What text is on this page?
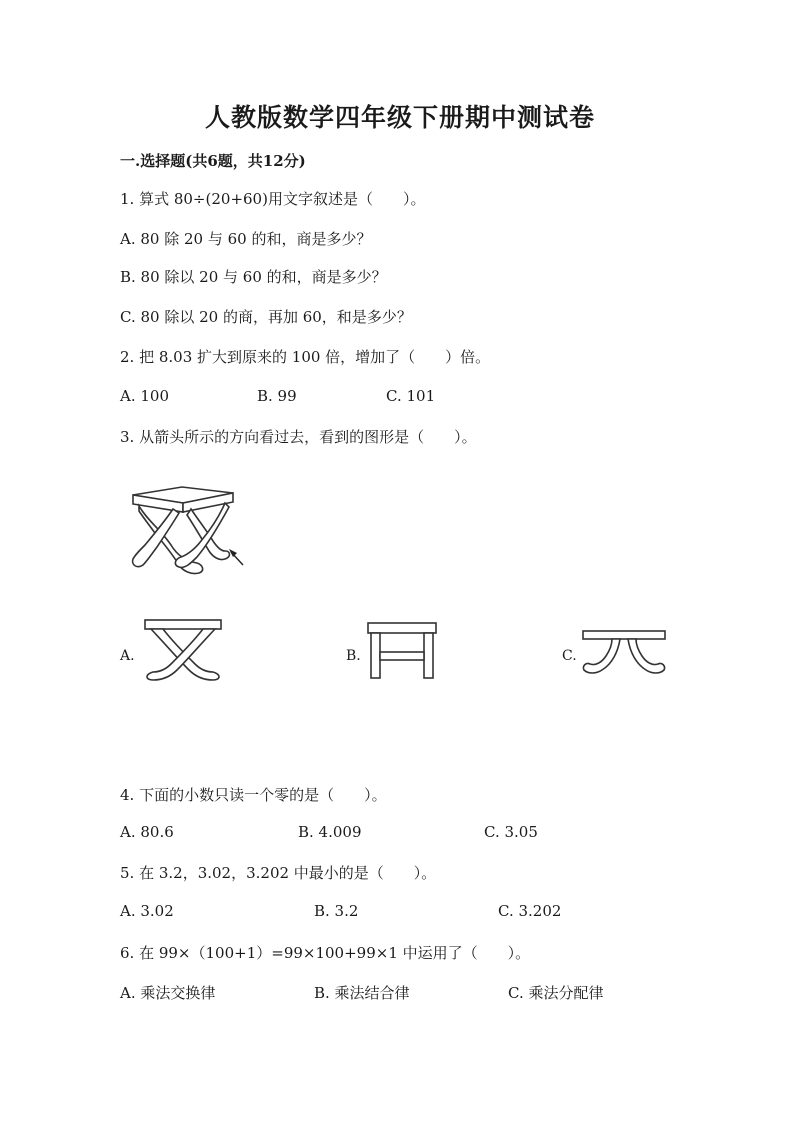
人教版数学四年级下册期中测试卷
一.选择题(共6题，共12分)
1. 算式 80÷(20+60)用文字叙述是（　　）。
A. 80 除 20 与 60 的和，商是多少？
B. 80 除以 20 与 60 的和，商是多少？
C. 80 除以 20 的商，再加 60，和是多少？
2. 把 8.03 扩大到原来的 100 倍，增加了（　　）倍。
A. 100	B. 99	C. 101
3. 从箭头所示的方向看过去，看到的图形是（　　）。
A.	B.	C.
4. 下面的小数只读一个零的是（　　）。
A. 80.6	B. 4.009	C. 3.05
5. 在 3.2，3.02，3.202 中最小的是（　　）。
A. 3.02	B. 3.2	C. 3.202
6. 在 99×（100+1）=99×100+99×1 中运用了（　　）。
A. 乘法交换律	B. 乘法结合律	C. 乘法分配律
